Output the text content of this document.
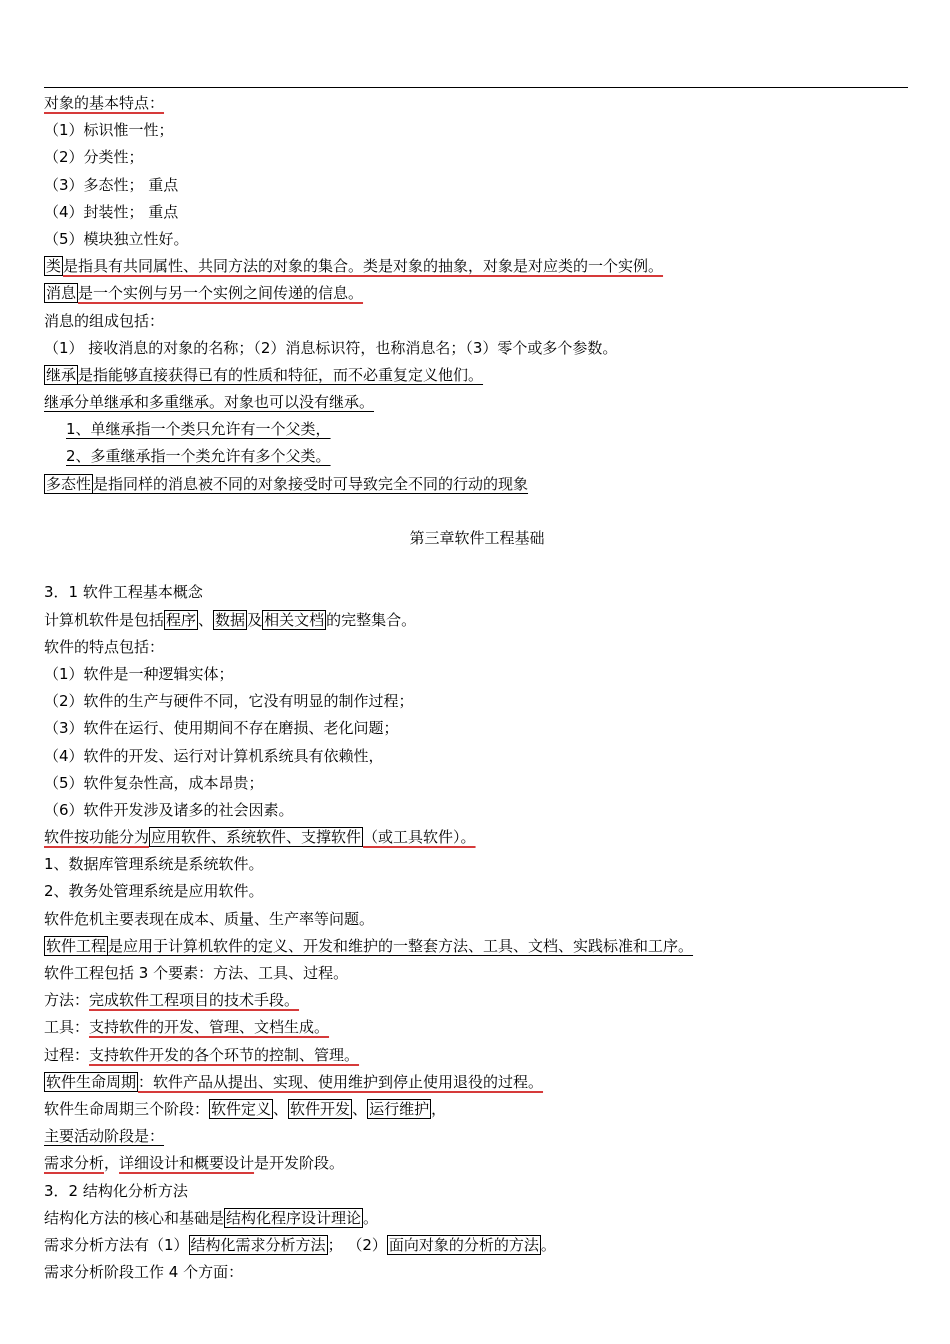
对象的基本特点：
（1）标识惟一性；
（2）分类性；
（3）多态性； 重点
（4）封装性； 重点
（5）模块独立性好。
类 是指具有共同属性、共同方法的对象的集合。类是对象的抽象，对象是对应类的一个实例。
消息 是一个实例与另一个实例之间传递的信息。
消息的组成包括：
（1） 接收消息的对象的名称；（2）消息标识符，也称消息名；（3）零个或多个参数。
继承 是指能够直接获得已有的性质和特征，而不必重复定义他们。
继承分单继承和多重继承。对象也可以没有继承。
1、单继承指一个类只允许有一个父类，
2、多重继承指一个类允许有多个父类。
多态性 是指同样的消息被不同的对象接受时可导致完全不同的行动的现象
第三章软件工程基础
3．1 软件工程基本概念
计算机软件是包括 程序 、 数据 及 相关文档 的完整集合。
软件的特点包括：
（1）软件是一种逻辑实体；
（2）软件的生产与硬件不同，它没有明显的制作过程；
（3）软件在运行、使用期间不存在磨损、老化问题；
（4）软件的开发、运行对计算机系统具有依赖性，
（5）软件复杂性高，成本昂贵；
（6）软件开发涉及诸多的社会因素。
软件按功能分为 应用软件、系统软件、支撑软件 （或工具软件）。
1、数据库管理系统是系统软件。
2、教务处管理系统是应用软件。
软件危机主要表现在成本、质量、生产率等问题。
软件工程 是应用于计算机软件的定义、开发和维护的一整套方法、工具、文档、实践标准和工序。
软件工程包括 3 个要素：方法、工具、过程。
方法：完成软件工程项目的技术手段。
工具：支持软件的开发、管理、文档生成。
过程：支持软件开发的各个环节的控制、管理。
软件生命周期 ：软件产品从提出、实现、使用维护到停止使用退役的过程。
软件生命周期三个阶段： 软件定义 、 软件开发 、 运行维护 ，
主要活动阶段是：
需求分析，详细设计和概要设计是开发阶段。
3．2 结构化分析方法
结构化方法的核心和基础是 结构化程序设计理论 。
需求分析方法有（1） 结构化需求分析方法 ； （2） 面向对象的分析的方法 。
需求分析阶段工作 4 个方面：
